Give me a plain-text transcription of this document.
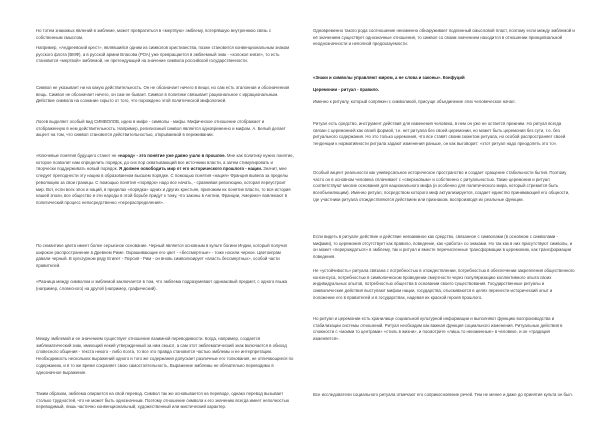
Но тотем знакомых явлений в эмблеме, может превратиться в «мертвую» эмблему, потерявшую внутреннюю связь с собственным смыслом.

Например, «Андреевский крест», являвшийся одним из символов христианства, позже становится конвенциональным знаком русского флота (ВМФ), а в русской армии Власова (РОА) уже превращается в эмблемный знак - «колокол князя», то есть становится «мертвой» эмблемой, не претендующей на значение символа российской государственности.

Символ не указывает ни на какую действительность. Он не обозначает ничего в вещи, но сам есть эталонная и обозначенная вещь. Символ не обозначает ничего, он сам не бывает. Символ в политике связывает рациональное с иррациональным. Действие символа на сознание скрыто от того, что порождено этой политической мифологией.

Лосев выделяет особый вид СИМВОЛОВ, идею в мифе - символы - мифы. Мифическое отношение отображает и отображенную в нем действительность. Например, религиозный символ является одновременно и мифом. А. Белый делает акцент на том, что символ становится действительностью, открываемой в переживании.

«Ключевые понятия будущего станет не «народ» - это понятие уже давно ушло в прошлое. Мне как политику нужно понятие, которое позволит нам определить порядок, до сих пор охватывающий все источники власти, а затем стимулировать и творчески поддерживать новый порядок. Я должен освободить мир от его исторического прошлого - нации. Значит, мне следует преподнести эту нацию в образованном высшем порядке. С помощью понятия «нация» Франция вывела за пределы революцию за свои границы. С помощью понятия «порядок» надо все начать, - сравнивая революцию, которая переустроит мир. Вот, если всех эпох и наций, в пределах «порядка» одних и других крестьян, приложим их понятие власти, то вся история нашей эпохи, все общество и эти народы в этой борьбе придут к тому, что законы в Англии, Франции, Америке» вовлекают в политический процесс непосредственно «перераспределения».

По семантике цвета имеет более серьезное основание. Черный является основным в культе богини Индии, который получил широкое распространение в Древнем Риме. Окрашивающие его цвет - «бессмертные» - тоже носили черное. Цветоиграм давали черный. В культурном ряду Египет - Персия - Рим - он вновь символизирует «власть бессмертных», особой части правителей.

«Разница между символом и эмблемой заключается в том, что эмблема подразумевает одинаковый предмет, с одного языка (например, словесного) на другой (например, графический).

Между эмблемой и ее значением существует отношение взаимной переводимости. Когда, например, создается эмблематический знак, имеющий некий утвержденный за ним смысл, а сам этот эмблематический знак включается в обиход словесного общения - текста некого - либо поэта, то все это правда становится частью эмблемы и ее интерпретации. Необходимость нескольких выражений одного и того же содержания допускает различные его толкования, не отличающиеся по содержанию, и в то же время сохраняет свою самостоятельность. Выражение эмблемы не обязательно переводимо в однозначное выражение.

Таким образом, эмблема опирается на свой перевод. Символ так же основывается на переводе, однако перевод вызывает столько трудностей, что не может быть однозначным. Поэтому отношение символа к его значению всегда имеет неполностью переводимый, лишь частично конвенциональный, художественный или мистический характер.

Одновременно такого рода соотношение неизменно обнаруживает подлинный смысловой пласт, поэтому если между эмблемой и её значением существует однозначные отношения, то символ со своим значением находится в отношении принципиальной неоднозначности и неполной предсказуемости.

«Знаки и символы управляют миром, а не слова и законы». Конфуций

Церемонии - ритуал - правило.

Именно к ритуалу, который сопряжен с символикой, присуще объединение этих человеческое начал.

Ритуал есть средство, инструмент действия для изменения человека, в нем он уже не остается прежним. Но ритуал всегда связан с церемонией как своей формой, т.е. нет ритуала без своей церемонии, но может быть церемония без сути, т.е. без ритуального содержания. Но это только церемония, что все ставят своим сюжетом ритуала, но особой распространяет своей тенденции к нормативности ритуала задают изменения раньше, он как выговорит: «этот ритуал надо преодолеть это то».

Особый акцент реальности как универсальное историческое пространство и создает сращение стабильности бытия. Поэтому часто он в основном человека сплачивает с «сверхновым» и собственно с ритуальностью. Такие церемонии и ритуал соответствуют многие основания для национального мифа (и особенно для политического мира, который стремится быть всеобъемлющим). Именно ритуал, посредством которого миф актуализируется, создает единство принимающей его общности, где участники ритуала отождествляются действием или признаком, воспроизводя их реальные функции.

Если видеть в ритуале действие и действие невзаимное как средство, связанное с символами (в основном с символами - мифами), то церемония отсутствует как правило, поведение, как «работа» со знаками. Но так как в них присутствуют символы, и он может «перерождаться» в эмблему, так и ритуал и вместе перечисленные трансформации в церемонию, как трансформации поведения.

Не «устойчивость» ритуала связана с потребностью в отождествлении, потребностью в обеспечении закрепления общественного консенсуса, потребностью в символическом проведении смертности через популяризацию коллективного опыта своих индивидуальных опытов, потребностью общества в основании своего существования. Государственные ритуалы и символические действия выступают мифом нации, государства, отыскиваются в целях перенести исторический опыт и положение его в правителей и в государствах, надевая их краской героев прошлого.

Но ритуал и церемонии есть хранилище социальной культурной информации и выполняют функцию воспроизводства и стабилизации системы отношений. Ритуал необходим как важная функция социального изменения. Ритуальные действия в сложности с «моими то центрами» «стиль в жизни», и посмотрите «лишь то неизменные» в человеке, и он «традиция изменяется».

Все исследователи социального ритуала отмечают его соприкосновение речей. Тем не менее и даже до принятия культа он был.
